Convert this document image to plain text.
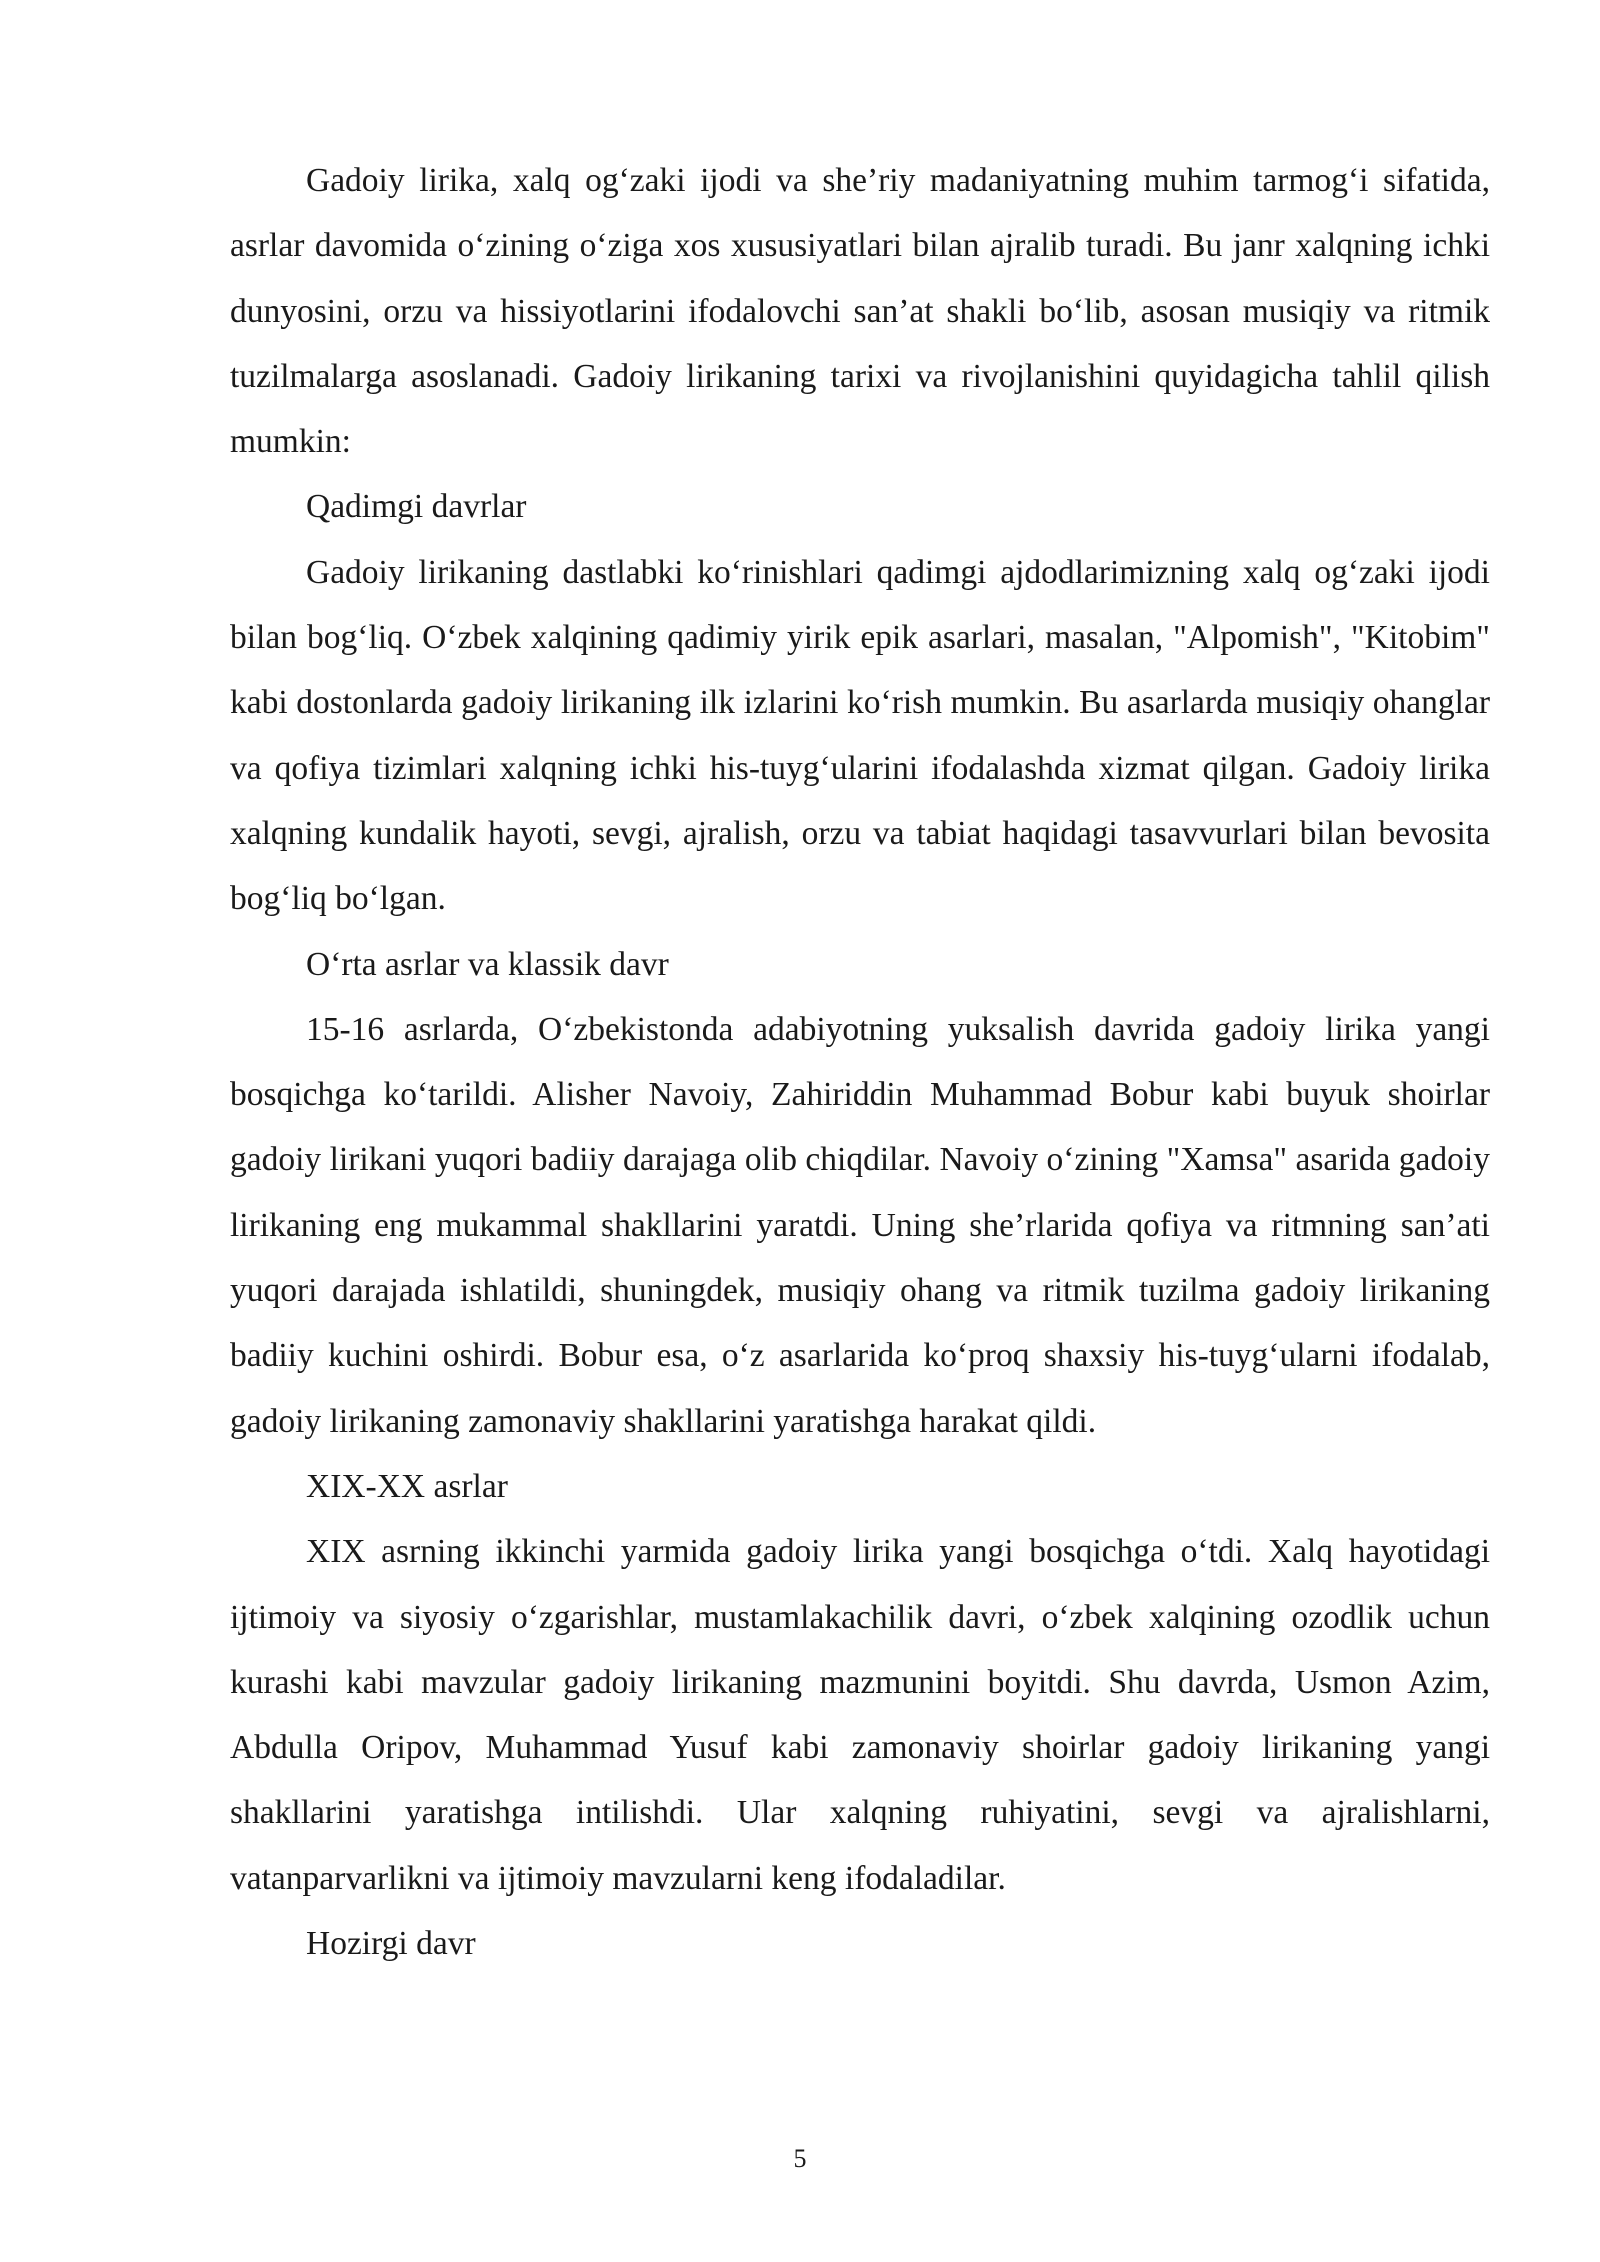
Gadoiy lirika, xalq og‘zaki ijodi va she’riy madaniyatning muhim tarmog‘i sifatida, asrlar davomida o‘zining o‘ziga xos xususiyatlari bilan ajralib turadi. Bu janr xalqning ichki dunyosini, orzu va hissiyotlarini ifodalovchi san’at shakli bo‘lib, asosan musiqiy va ritmik tuzilmalarga asoslanadi. Gadoiy lirikaning tarixi va rivojlanishini quyidagicha tahlil qilish mumkin:

Qadimgi davrlar

Gadoiy lirikaning dastlabki ko‘rinishlari qadimgi ajdodlarimizning xalq og‘zaki ijodi bilan bog‘liq. O‘zbek xalqining qadimiy yirik epik asarlari, masalan, "Alpomish", "Kitobim" kabi dostonlarda gadoiy lirikaning ilk izlarini ko‘rish mumkin. Bu asarlarda musiqiy ohanglar va qofiya tizimlari xalqning ichki his-tuyg‘ularini ifodalashda xizmat qilgan. Gadoiy lirika xalqning kundalik hayoti, sevgi, ajralish, orzu va tabiat haqidagi tasavvurlari bilan bevosita bog‘liq bo‘lgan.

O‘rta asrlar va klassik davr

15-16 asrlarda, O‘zbekistonda adabiyotning yuksalish davrida gadoiy lirika yangi bosqichga ko‘tarildi. Alisher Navoiy, Zahiriddin Muhammad Bobur kabi buyuk shoirlar gadoiy lirikani yuqori badiiy darajaga olib chiqdilar. Navoiy o‘zining "Xamsa" asarida gadoiy lirikaning eng mukammal shakllarini yaratdi. Uning she’rlarida qofiya va ritmning san’ati yuqori darajada ishlatildi, shuningdek, musiqiy ohang va ritmik tuzilma gadoiy lirikaning badiiy kuchini oshirdi. Bobur esa, o‘z asarlarida ko‘proq shaxsiy his-tuyg‘ularni ifodalab, gadoiy lirikaning zamonaviy shakllarini yaratishga harakat qildi.

XIX-XX asrlar

XIX asrning ikkinchi yarmida gadoiy lirika yangi bosqichga o‘tdi. Xalq hayotidagi ijtimoiy va siyosiy o‘zgarishlar, mustamlakachilik davri, o‘zbek xalqining ozodlik uchun kurashi kabi mavzular gadoiy lirikaning mazmunini boyitdi. Shu davrda, Usmon Azim, Abdulla Oripov, Muhammad Yusuf kabi zamonaviy shoirlar gadoiy lirikaning yangi shakllarini yaratishga intilishdi. Ular xalqning ruhiyatini, sevgi va ajralishlarni, vatanparvarlikni va ijtimoiy mavzularni keng ifodaladilar.

Hozirgi davr

5
